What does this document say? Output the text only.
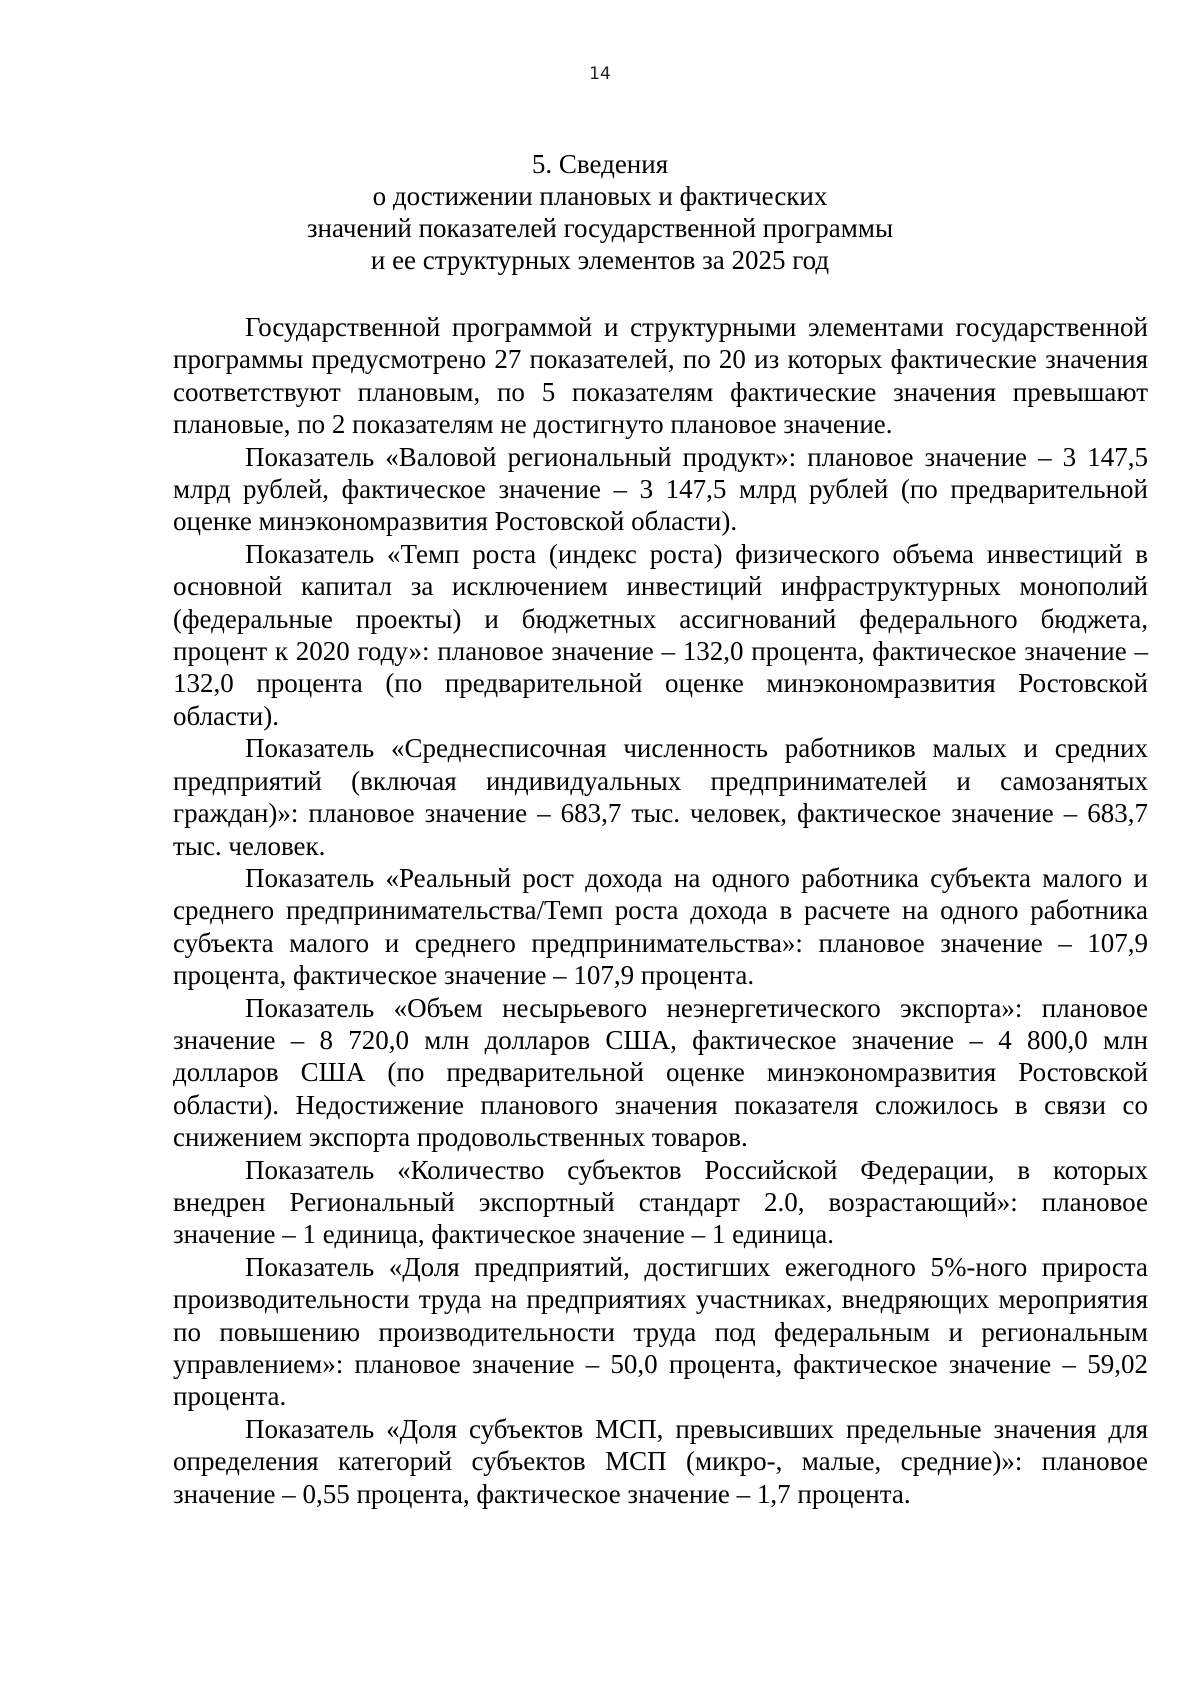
14
5. Сведения
о достижении плановых и фактических
значений показателей государственной программы
и ее структурных элементов за 2025 год

Государственной программой и структурными элементами государственной программы предусмотрено 27 показателей, по 20 из которых фактические значения соответствуют плановым, по 5 показателям фактические значения превышают плановые, по 2 показателям не достигнуто плановое значение.

Показатель «Валовой региональный продукт»: плановое значение – 3 147,5 млрд рублей, фактическое значение – 3 147,5 млрд рублей (по предварительной оценке минэкономразвития Ростовской области).

Показатель «Темп роста (индекс роста) физического объема инвестиций в основной капитал за исключением инвестиций инфраструктурных монополий (федеральные проекты) и бюджетных ассигнований федерального бюджета, процент к 2020 году»: плановое значение – 132,0 процента, фактическое значение – 132,0 процента (по предварительной оценке минэкономразвития Ростовской области).

Показатель «Среднесписочная численность работников малых и средних предприятий (включая индивидуальных предпринимателей и самозанятых граждан)»: плановое значение – 683,7 тыс. человек, фактическое значение – 683,7 тыс. человек.

Показатель «Реальный рост дохода на одного работника субъекта малого и среднего предпринимательства/Темп роста дохода в расчете на одного работника субъекта малого и среднего предпринимательства»: плановое значение – 107,9 процента, фактическое значение – 107,9 процента.

Показатель «Объем несырьевого неэнергетического экспорта»: плановое значение – 8 720,0 млн долларов США, фактическое значение – 4 800,0 млн долларов США (по предварительной оценке минэкономразвития Ростовской области). Недостижение планового значения показателя сложилось в связи со снижением экспорта продовольственных товаров.

Показатель «Количество субъектов Российской Федерации, в которых внедрен Региональный экспортный стандарт 2.0, возрастающий»: плановое значение – 1 единица, фактическое значение – 1 единица.

Показатель «Доля предприятий, достигших ежегодного 5%-ного прироста производительности труда на предприятиях участниках, внедряющих мероприятия по повышению производительности труда под федеральным и региональным управлением»: плановое значение – 50,0 процента, фактическое значение – 59,02 процента.

Показатель «Доля субъектов МСП, превысивших предельные значения для определения категорий субъектов МСП (микро-, малые, средние)»: плановое значение – 0,55 процента, фактическое значение – 1,7 процента.
